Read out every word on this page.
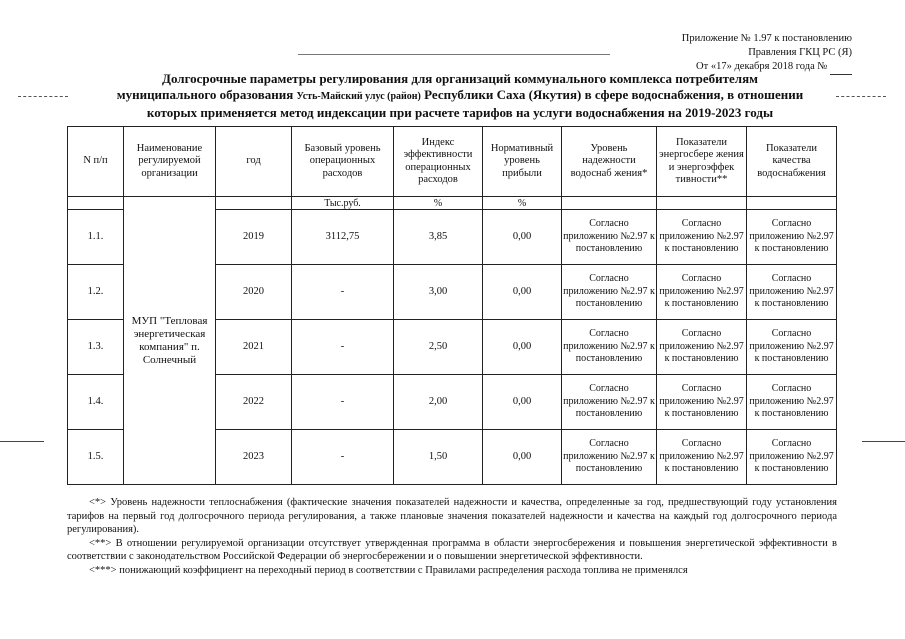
Приложение № 1.97 к постановлению
Правления ГКЦ РС (Я)
От «17» декабря 2018 года №
Долгосрочные параметры регулирования для организаций коммунального комплекса потребителям
муниципального образования Усть-Майский улус (район) Республики Саха (Якутия) в сфере водоснабжения, в отношении
которых применяется метод индексации при расчете тарифов на услуги водоснабжения на 2019-2023 годы
N п/п	Наименование регулируемой организации	год	Базовый уровень операционных расходов	Индекс эффективности операционных расходов	Нормативный уровень прибыли	Уровень надежности водоснаб жения*	Показатели энергосбере жения и энергоэффек тивности**	Показатели качества водоснабжения

	МУП "Тепловая энергетическая компания" п. Солнечный		Тыс.руб.	%	%			
1.1.		2019	3112,75	3,85	0,00	Согласно приложению №2.97 к постановлению	Согласно приложению №2.97 к постановлению	Согласно приложению №2.97 к постановлению
1.2.		2020	-	3,00	0,00	Согласно приложению №2.97 к постановлению	Согласно приложению №2.97 к постановлению	Согласно приложению №2.97 к постановлению
1.3.		2021	-	2,50	0,00	Согласно приложению №2.97 к постановлению	Согласно приложению №2.97 к постановлению	Согласно приложению №2.97 к постановлению
1.4.		2022	-	2,00	0,00	Согласно приложению №2.97 к постановлению	Согласно приложению №2.97 к постановлению	Согласно приложению №2.97 к постановлению
1.5.		2023	-	1,50	0,00	Согласно приложению №2.97 к постановлению	Согласно приложению №2.97 к постановлению	Согласно приложению №2.97 к постановлению

<*> Уровень надежности теплоснабжения (фактические значения показателей надежности и качества, определенные за год, предшествующий году установления тарифов на первый год долгосрочного периода регулирования, а также плановые значения показателей надежности и качества на каждый год долгосрочного периода регулирования).

<**> В отношении регулируемой организации отсутствует утвержденная программа в области энергосбережения и повышения энергетической эффективности в соответствии с законодательством Российской Федерации об энергосбережении и о повышении энергетической эффективности.

<***> понижающий коэффициент на переходный период в соответствии с Правилами распределения расхода топлива не применялся
